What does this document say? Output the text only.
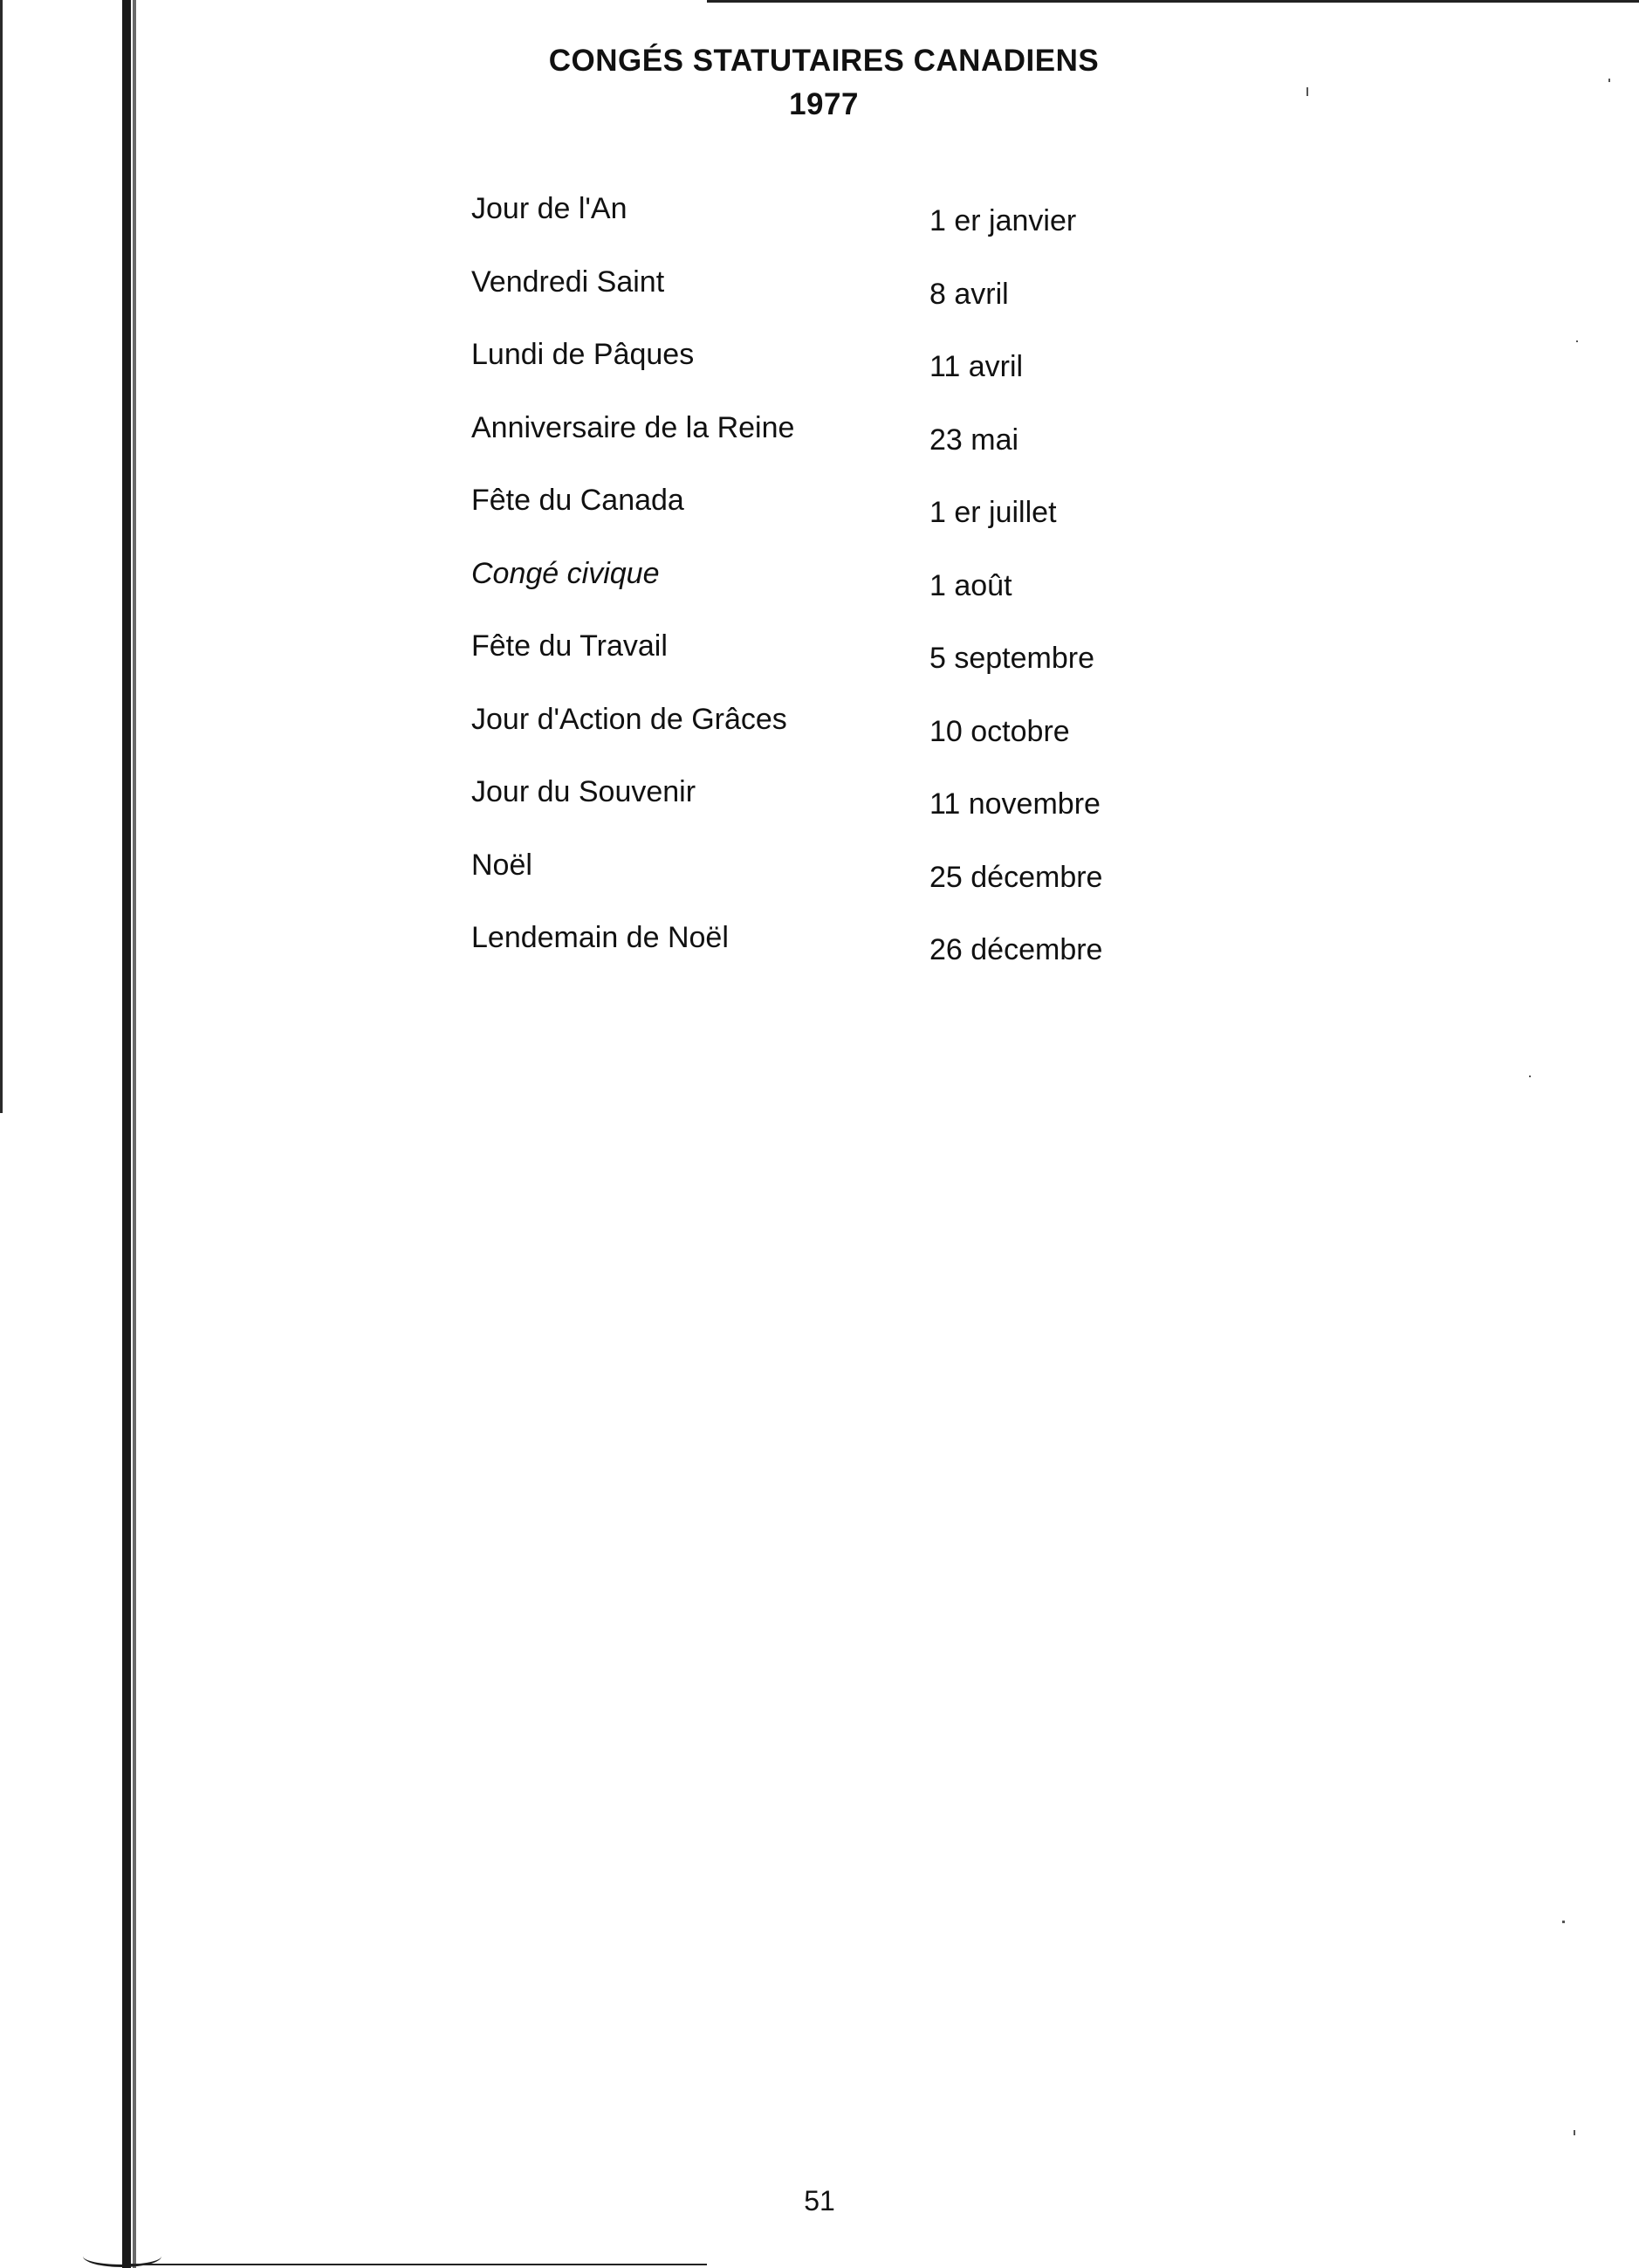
CONGÉS STATUTAIRES CANADIENS
1977
Jour de l'An	1 er janvier
Vendredi Saint	8 avril
Lundi de Pâques	11 avril
Anniversaire de la Reine	23 mai
Fête du Canada	1 er juillet
Congé civique	1 août
Fête du Travail	5 septembre
Jour d'Action de Grâces	10 octobre
Jour du Souvenir	11 novembre
Noël	25 décembre
Lendemain de Noël	26 décembre
51
